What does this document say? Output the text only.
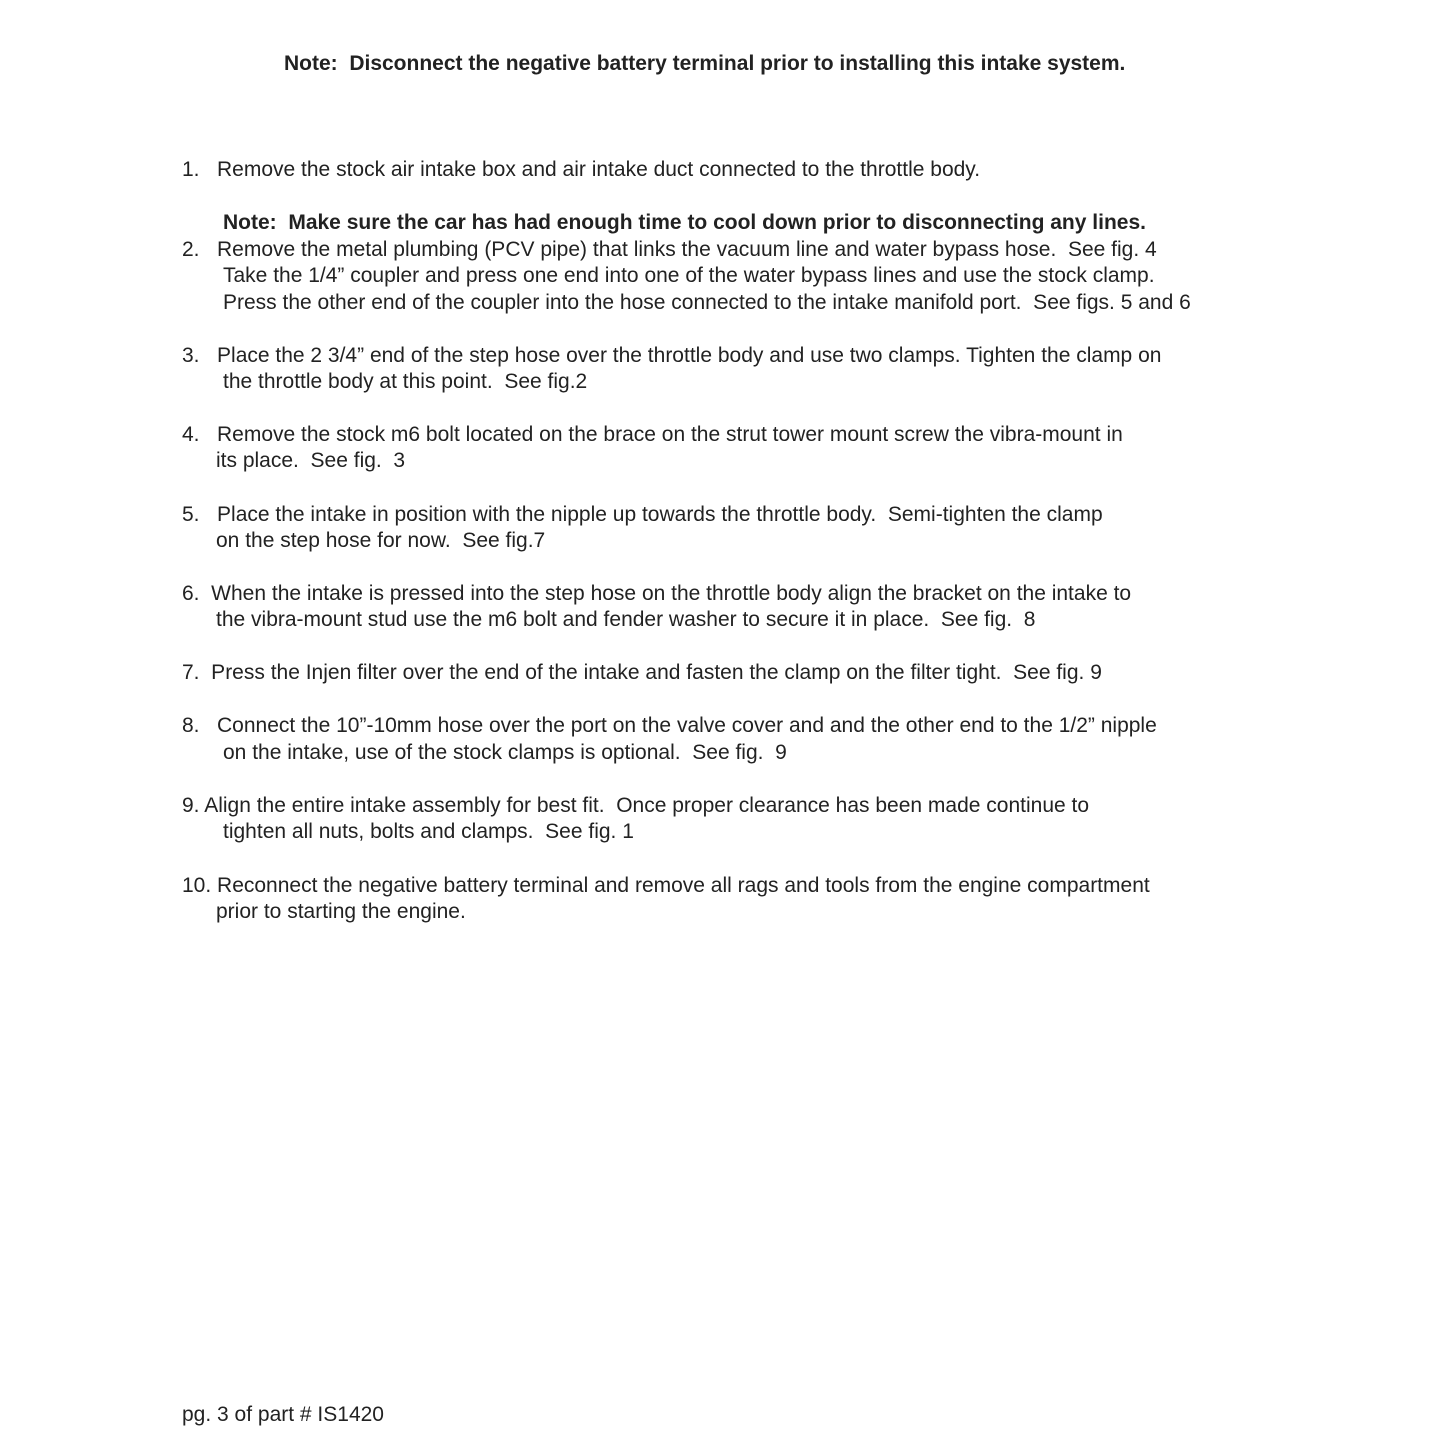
Note:  Disconnect the negative battery terminal prior to installing this intake system.
1.   Remove the stock air intake box and air intake duct connected to the throttle body.
Note:  Make sure the car has had enough time to cool down prior to disconnecting any lines.
2.   Remove the metal plumbing (PCV pipe) that links the vacuum line and water bypass hose.  See fig. 4
Take the 1/4” coupler and press one end into one of the water bypass lines and use the stock clamp.
Press the other end of the coupler into the hose connected to the intake manifold port.  See figs. 5 and 6
3.   Place the 2 3/4” end of the step hose over the throttle body and use two clamps. Tighten the clamp on
the throttle body at this point.  See fig.2
4.   Remove the stock m6 bolt located on the brace on the strut tower mount screw the vibra-mount in
its place.  See fig.  3
5.   Place the intake in position with the nipple up towards the throttle body.  Semi-tighten the clamp
on the step hose for now.  See fig.7
6.  When the intake is pressed into the step hose on the throttle body align the bracket on the intake to
the vibra-mount stud use the m6 bolt and fender washer to secure it in place.  See fig.  8
7.  Press the Injen filter over the end of the intake and fasten the clamp on the filter tight.  See fig. 9
8.   Connect the 10”-10mm hose over the port on the valve cover and and the other end to the 1/2” nipple
on the intake, use of the stock clamps is optional.  See fig.  9
9. Align the entire intake assembly for best fit.  Once proper clearance has been made continue to
tighten all nuts, bolts and clamps.  See fig. 1
10. Reconnect the negative battery terminal and remove all rags and tools from the engine compartment
prior to starting the engine.
pg. 3 of part # IS1420
